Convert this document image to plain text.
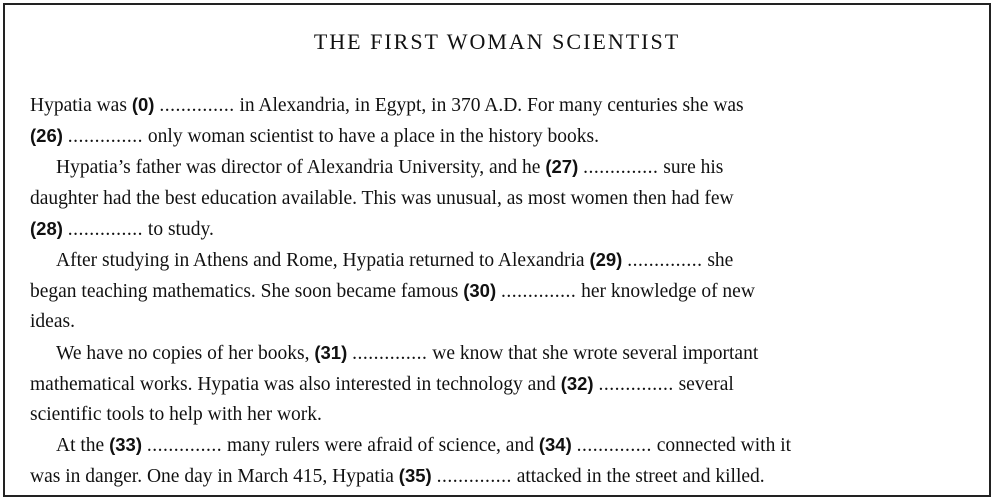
THE FIRST WOMAN SCIENTIST
Hypatia was (0) .............. in Alexandria, in Egypt, in 370 A.D. For many centuries she was
(26) .............. only woman scientist to have a place in the history books.
Hypatia’s father was director of Alexandria University, and he (27) .............. sure his
daughter had the best education available. This was unusual, as most women then had few
(28) .............. to study.
After studying in Athens and Rome, Hypatia returned to Alexandria (29) .............. she
began teaching mathematics. She soon became famous (30) .............. her knowledge of new
ideas.
We have no copies of her books, (31) .............. we know that she wrote several important
mathematical works. Hypatia was also interested in technology and (32) .............. several
scientific tools to help with her work.
At the (33) .............. many rulers were afraid of science, and (34) .............. connected with it
was in danger. One day in March 415, Hypatia (35) .............. attacked in the street and killed.
